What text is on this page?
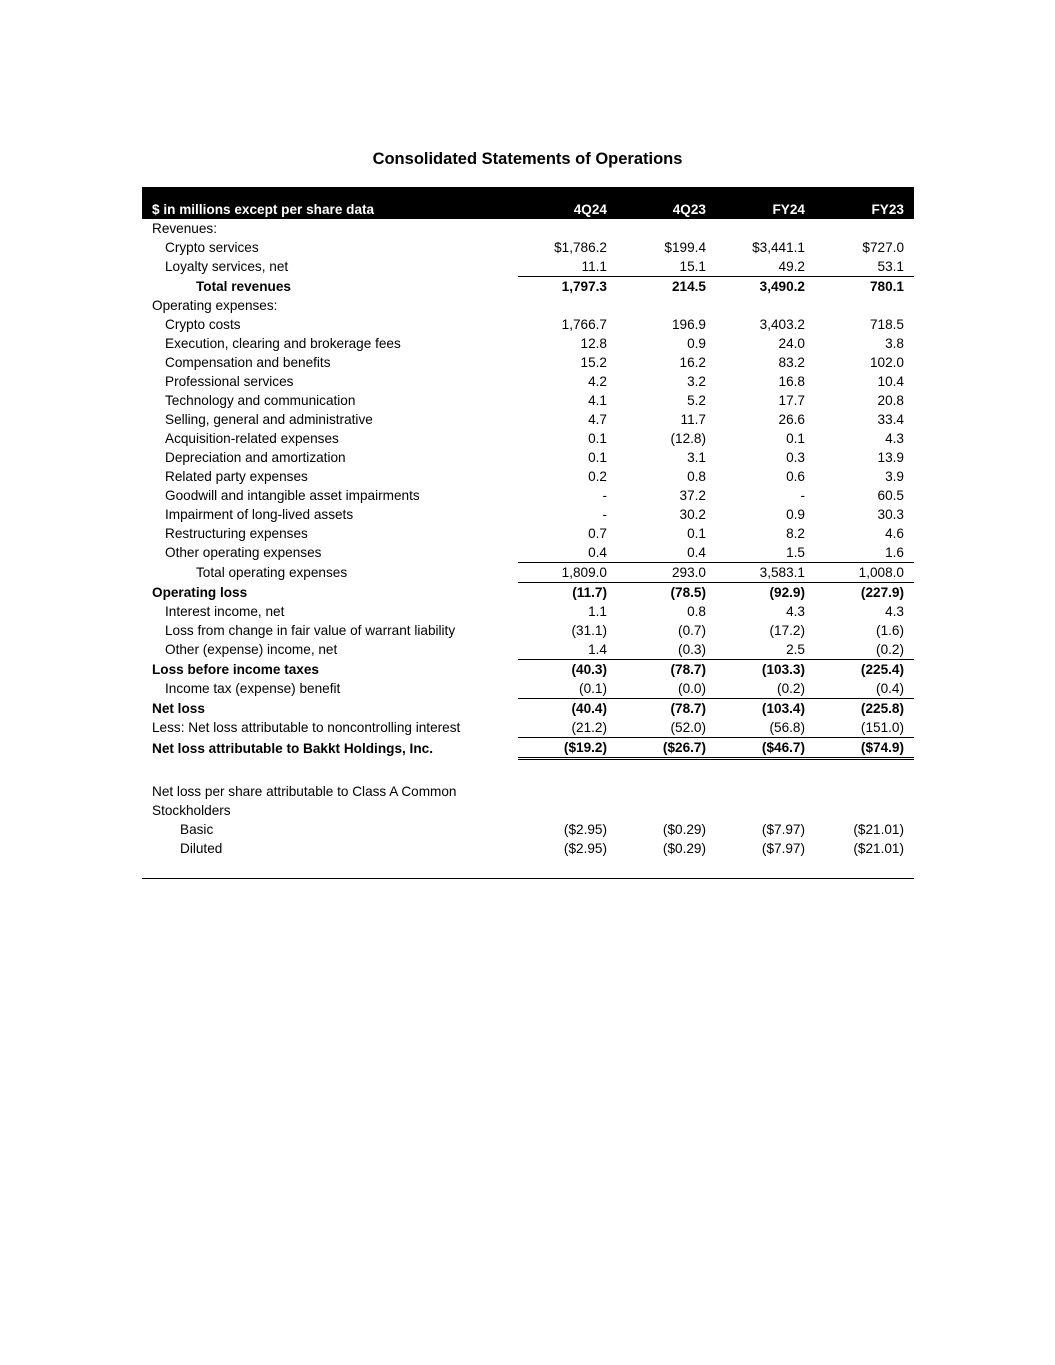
Consolidated Statements of Operations
$ in millions except per share data	4Q24	4Q23	FY24	FY23
Revenues:				
Crypto services	$1,786.2	$199.4	$3,441.1	$727.0
Loyalty services, net	11.1	15.1	49.2	53.1
Total revenues	1,797.3	214.5	3,490.2	780.1
Operating expenses:				
Crypto costs	1,766.7	196.9	3,403.2	718.5
Execution, clearing and brokerage fees	12.8	0.9	24.0	3.8
Compensation and benefits	15.2	16.2	83.2	102.0
Professional services	4.2	3.2	16.8	10.4
Technology and communication	4.1	5.2	17.7	20.8
Selling, general and administrative	4.7	11.7	26.6	33.4
Acquisition-related expenses	0.1	(12.8)	0.1	4.3
Depreciation and amortization	0.1	3.1	0.3	13.9
Related party expenses	0.2	0.8	0.6	3.9
Goodwill and intangible asset impairments	-	37.2	-	60.5
Impairment of long-lived assets	-	30.2	0.9	30.3
Restructuring expenses	0.7	0.1	8.2	4.6
Other operating expenses	0.4	0.4	1.5	1.6
Total operating expenses	1,809.0	293.0	3,583.1	1,008.0
Operating loss	(11.7)	(78.5)	(92.9)	(227.9)
Interest income, net	1.1	0.8	4.3	4.3
Loss from change in fair value of warrant liability	(31.1)	(0.7)	(17.2)	(1.6)
Other (expense) income, net	1.4	(0.3)	2.5	(0.2)
Loss before income taxes	(40.3)	(78.7)	(103.3)	(225.4)
Income tax (expense) benefit	(0.1)	(0.0)	(0.2)	(0.4)
Net loss	(40.4)	(78.7)	(103.4)	(225.8)
Less: Net loss attributable to noncontrolling interest	(21.2)	(52.0)	(56.8)	(151.0)
Net loss attributable to Bakkt Holdings, Inc.	($19.2)	($26.7)	($46.7)	($74.9)

Net loss per share attributable to Class A Common				
Stockholders				
Basic	($2.95)	($0.29)	($7.97)	($21.01)
Diluted	($2.95)	($0.29)	($7.97)	($21.01)
